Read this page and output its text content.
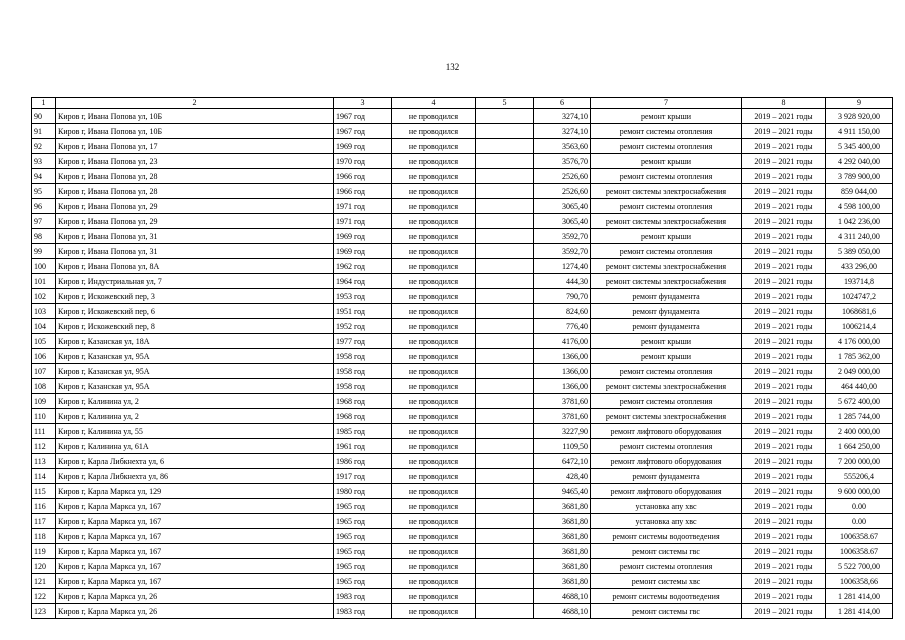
132
1	2	3	4	5	6	7	8	9
90	Киров г, Ивана Попова ул, 10Б	1967 год	не проводился		3274,10	ремонт крыши	2019 – 2021 годы	3 928 920,00
91	Киров г, Ивана Попова ул, 10Б	1967 год	не проводился		3274,10	ремонт системы отопления	2019 – 2021 годы	4 911 150,00
92	Киров г, Ивана Попова ул, 17	1969 год	не проводился		3563,60	ремонт системы отопления	2019 – 2021 годы	5 345 400,00
93	Киров г, Ивана Попова ул, 23	1970 год	не проводился		3576,70	ремонт крыши	2019 – 2021 годы	4 292 040,00
94	Киров г, Ивана Попова ул, 28	1966 год	не проводился		2526,60	ремонт системы отопления	2019 – 2021 годы	3 789 900,00
95	Киров г, Ивана Попова ул, 28	1966 год	не проводился		2526,60	ремонт системы электроснабжения	2019 – 2021 годы	859 044,00
96	Киров г, Ивана Попова ул, 29	1971 год	не проводился		3065,40	ремонт системы отопления	2019 – 2021 годы	4 598 100,00
97	Киров г, Ивана Попова ул, 29	1971 год	не проводился		3065,40	ремонт системы электроснабжения	2019 – 2021 годы	1 042 236,00
98	Киров г, Ивана Попова ул, 31	1969 год	не проводился		3592,70	ремонт крыши	2019 – 2021 годы	4 311 240,00
99	Киров г, Ивана Попова ул, 31	1969 год	не проводился		3592,70	ремонт системы отопления	2019 – 2021 годы	5 389 050,00
100	Киров г, Ивана Попова ул, 8А	1962 год	не проводился		1274,40	ремонт системы электроснабжения	2019 – 2021 годы	433 296,00
101	Киров г, Индустриальная ул, 7	1964 год	не проводился		444,30	ремонт системы электроснабжения	2019 – 2021 годы	193714,8
102	Киров г, Искожевский пер, 3	1953 год	не проводился		790,70	ремонт фундамента	2019 – 2021 годы	1024747,2
103	Киров г, Искожевский пер, 6	1951 год	не проводился		824,60	ремонт фундамента	2019 – 2021 годы	1068681,6
104	Киров г, Искожевский пер, 8	1952 год	не проводился		776,40	ремонт фундамента	2019 – 2021 годы	1006214,4
105	Киров г, Казанская ул, 18А	1977 год	не проводился		4176,00	ремонт крыши	2019 – 2021 годы	4 176 000,00
106	Киров г, Казанская ул, 95А	1958 год	не проводился		1366,00	ремонт крыши	2019 – 2021 годы	1 785 362,00
107	Киров г, Казанская ул, 95А	1958 год	не проводился		1366,00	ремонт системы отопления	2019 – 2021 годы	2 049 000,00
108	Киров г, Казанская ул, 95А	1958 год	не проводился		1366,00	ремонт системы электроснабжения	2019 – 2021 годы	464 440,00
109	Киров г, Калинина ул, 2	1968 год	не проводился		3781,60	ремонт системы отопления	2019 – 2021 годы	5 672 400,00
110	Киров г, Калинина ул, 2	1968 год	не проводился		3781,60	ремонт системы электроснабжения	2019 – 2021 годы	1 285 744,00
111	Киров г, Калинина ул, 55	1985 год	не проводился		3227,90	ремонт лифтового оборудования	2019 – 2021 годы	2 400 000,00
112	Киров г, Калинина ул, 61А	1961 год	не проводился		1109,50	ремонт системы отопления	2019 – 2021 годы	1 664 250,00
113	Киров г, Карла Либкнехта ул, 6	1986 год	не проводился		6472,10	ремонт лифтового оборудования	2019 – 2021 годы	7 200 000,00
114	Киров г, Карла Либкнехта ул, 86	1917 год	не проводился		428,40	ремонт фундамента	2019 – 2021 годы	555206,4
115	Киров г, Карла Маркса ул, 129	1980 год	не проводился		9465,40	ремонт лифтового оборудования	2019 – 2021 годы	9 600 000,00
116	Киров г, Карла Маркса ул, 167	1965 год	не проводился		3681,80	установка апу хвс	2019 – 2021 годы	0.00
117	Киров г, Карла Маркса ул, 167	1965 год	не проводился		3681,80	установка апу хвс	2019 – 2021 годы	0.00
118	Киров г, Карла Маркса ул, 167	1965 год	не проводился		3681,80	ремонт системы водоотведения	2019 – 2021 годы	1006358.67
119	Киров г, Карла Маркса ул, 167	1965 год	не проводился		3681,80	ремонт системы гвс	2019 – 2021 годы	1006358.67
120	Киров г, Карла Маркса ул, 167	1965 год	не проводился		3681,80	ремонт системы отопления	2019 – 2021 годы	5 522 700,00
121	Киров г, Карла Маркса ул, 167	1965 год	не проводился		3681,80	ремонт системы хвс	2019 – 2021 годы	1006358,66
122	Киров г, Карла Маркса ул, 26	1983 год	не проводился		4688,10	ремонт системы водоотведения	2019 – 2021 годы	1 281 414,00
123	Киров г, Карла Маркса ул, 26	1983 год	не проводился		4688,10	ремонт системы гвс	2019 – 2021 годы	1 281 414,00
